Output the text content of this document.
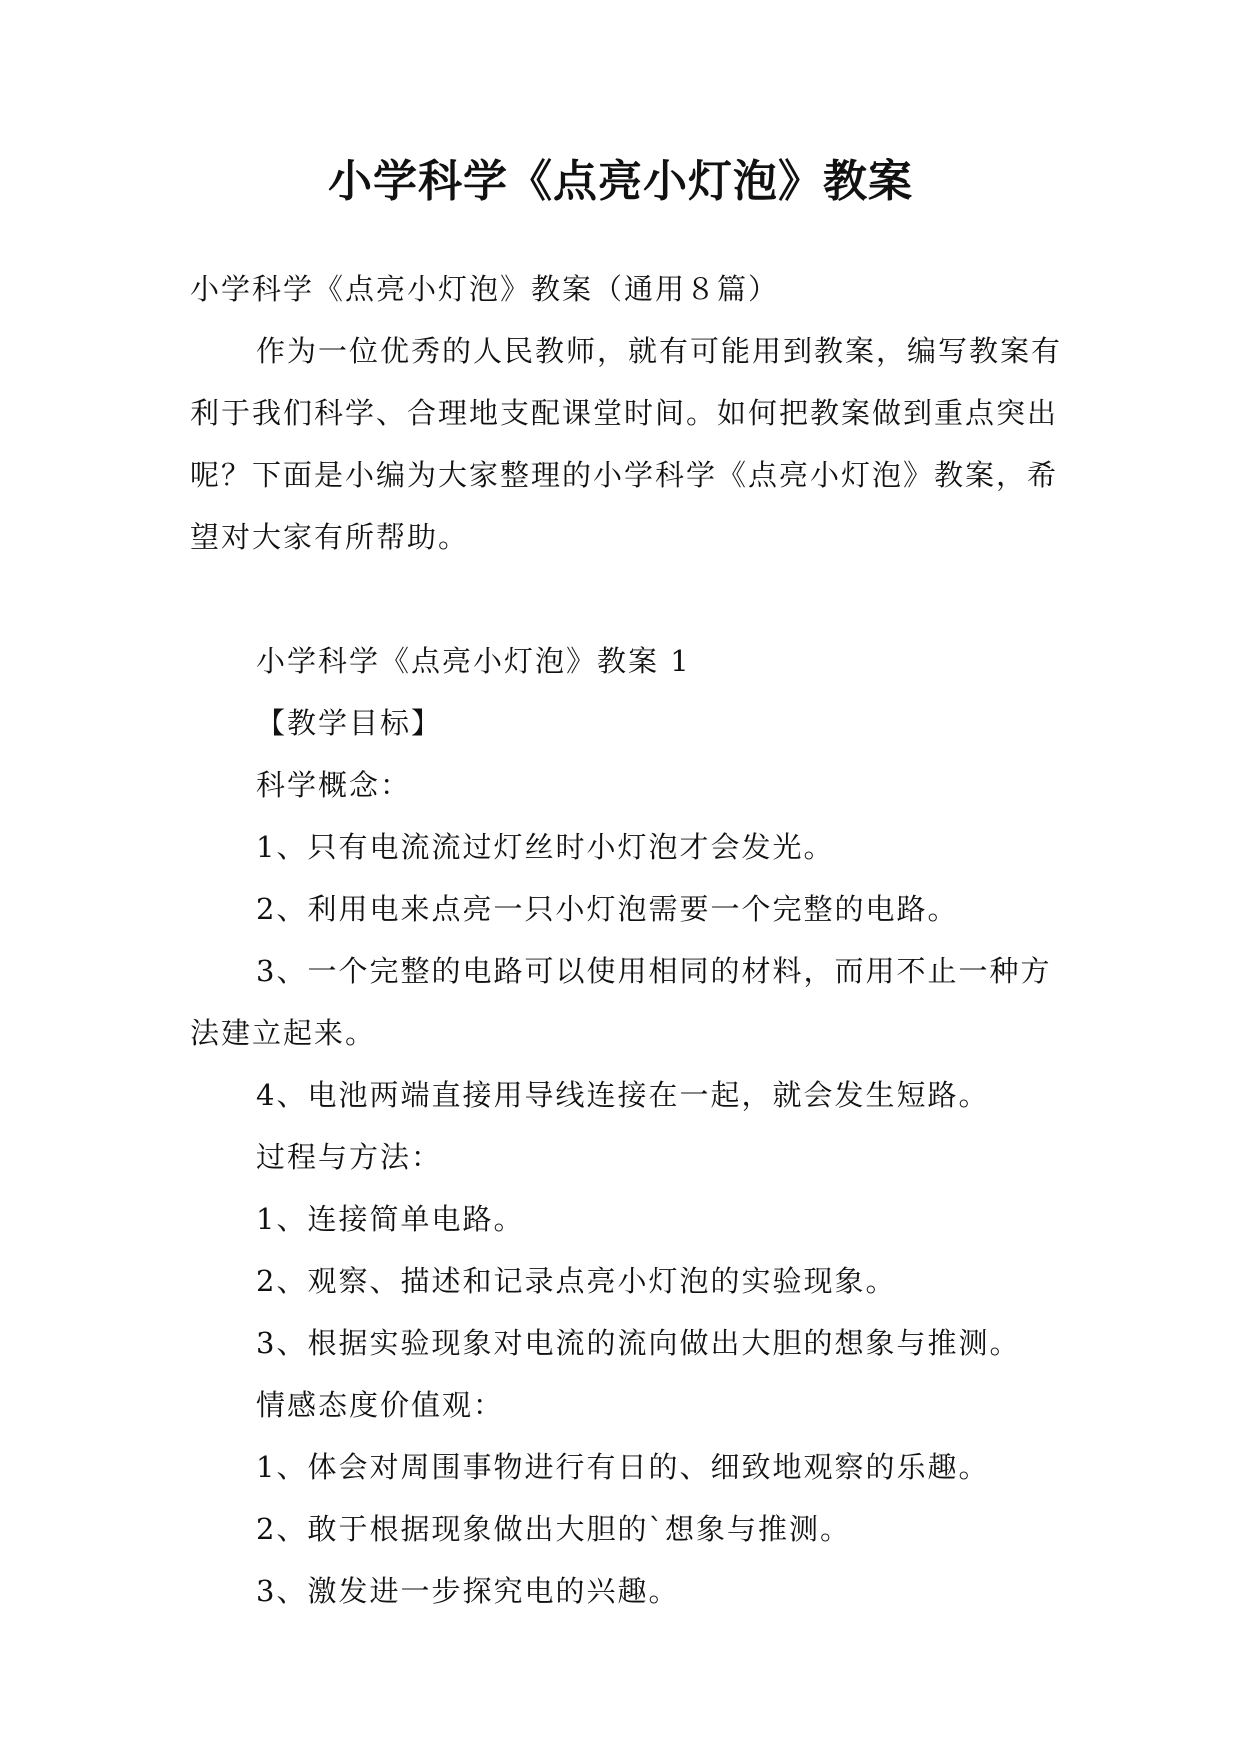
小学科学《点亮小灯泡》教案

小学科学《点亮小灯泡》教案（通用８篇）

作为一位优秀的人民教师，就有可能用到教案，编写教案有利于我们科学、合理地支配课堂时间。如何把教案做到重点突出呢？下面是小编为大家整理的小学科学《点亮小灯泡》教案，希望对大家有所帮助。

小学科学《点亮小灯泡》教案 1

【教学目标】

科学概念：

1、只有电流流过灯丝时小灯泡才会发光。

2、利用电来点亮一只小灯泡需要一个完整的电路。

3、一个完整的电路可以使用相同的材料，而用不止一种方法建立起来。

4、电池两端直接用导线连接在一起，就会发生短路。

过程与方法：

1、连接简单电路。

2、观察、描述和记录点亮小灯泡的实验现象。

3、根据实验现象对电流的流向做出大胆的想象与推测。

情感态度价值观：

1、体会对周围事物进行有日的、细致地观察的乐趣。

2、敢于根据现象做出大胆的`想象与推测。

3、激发进一步探究电的兴趣。
